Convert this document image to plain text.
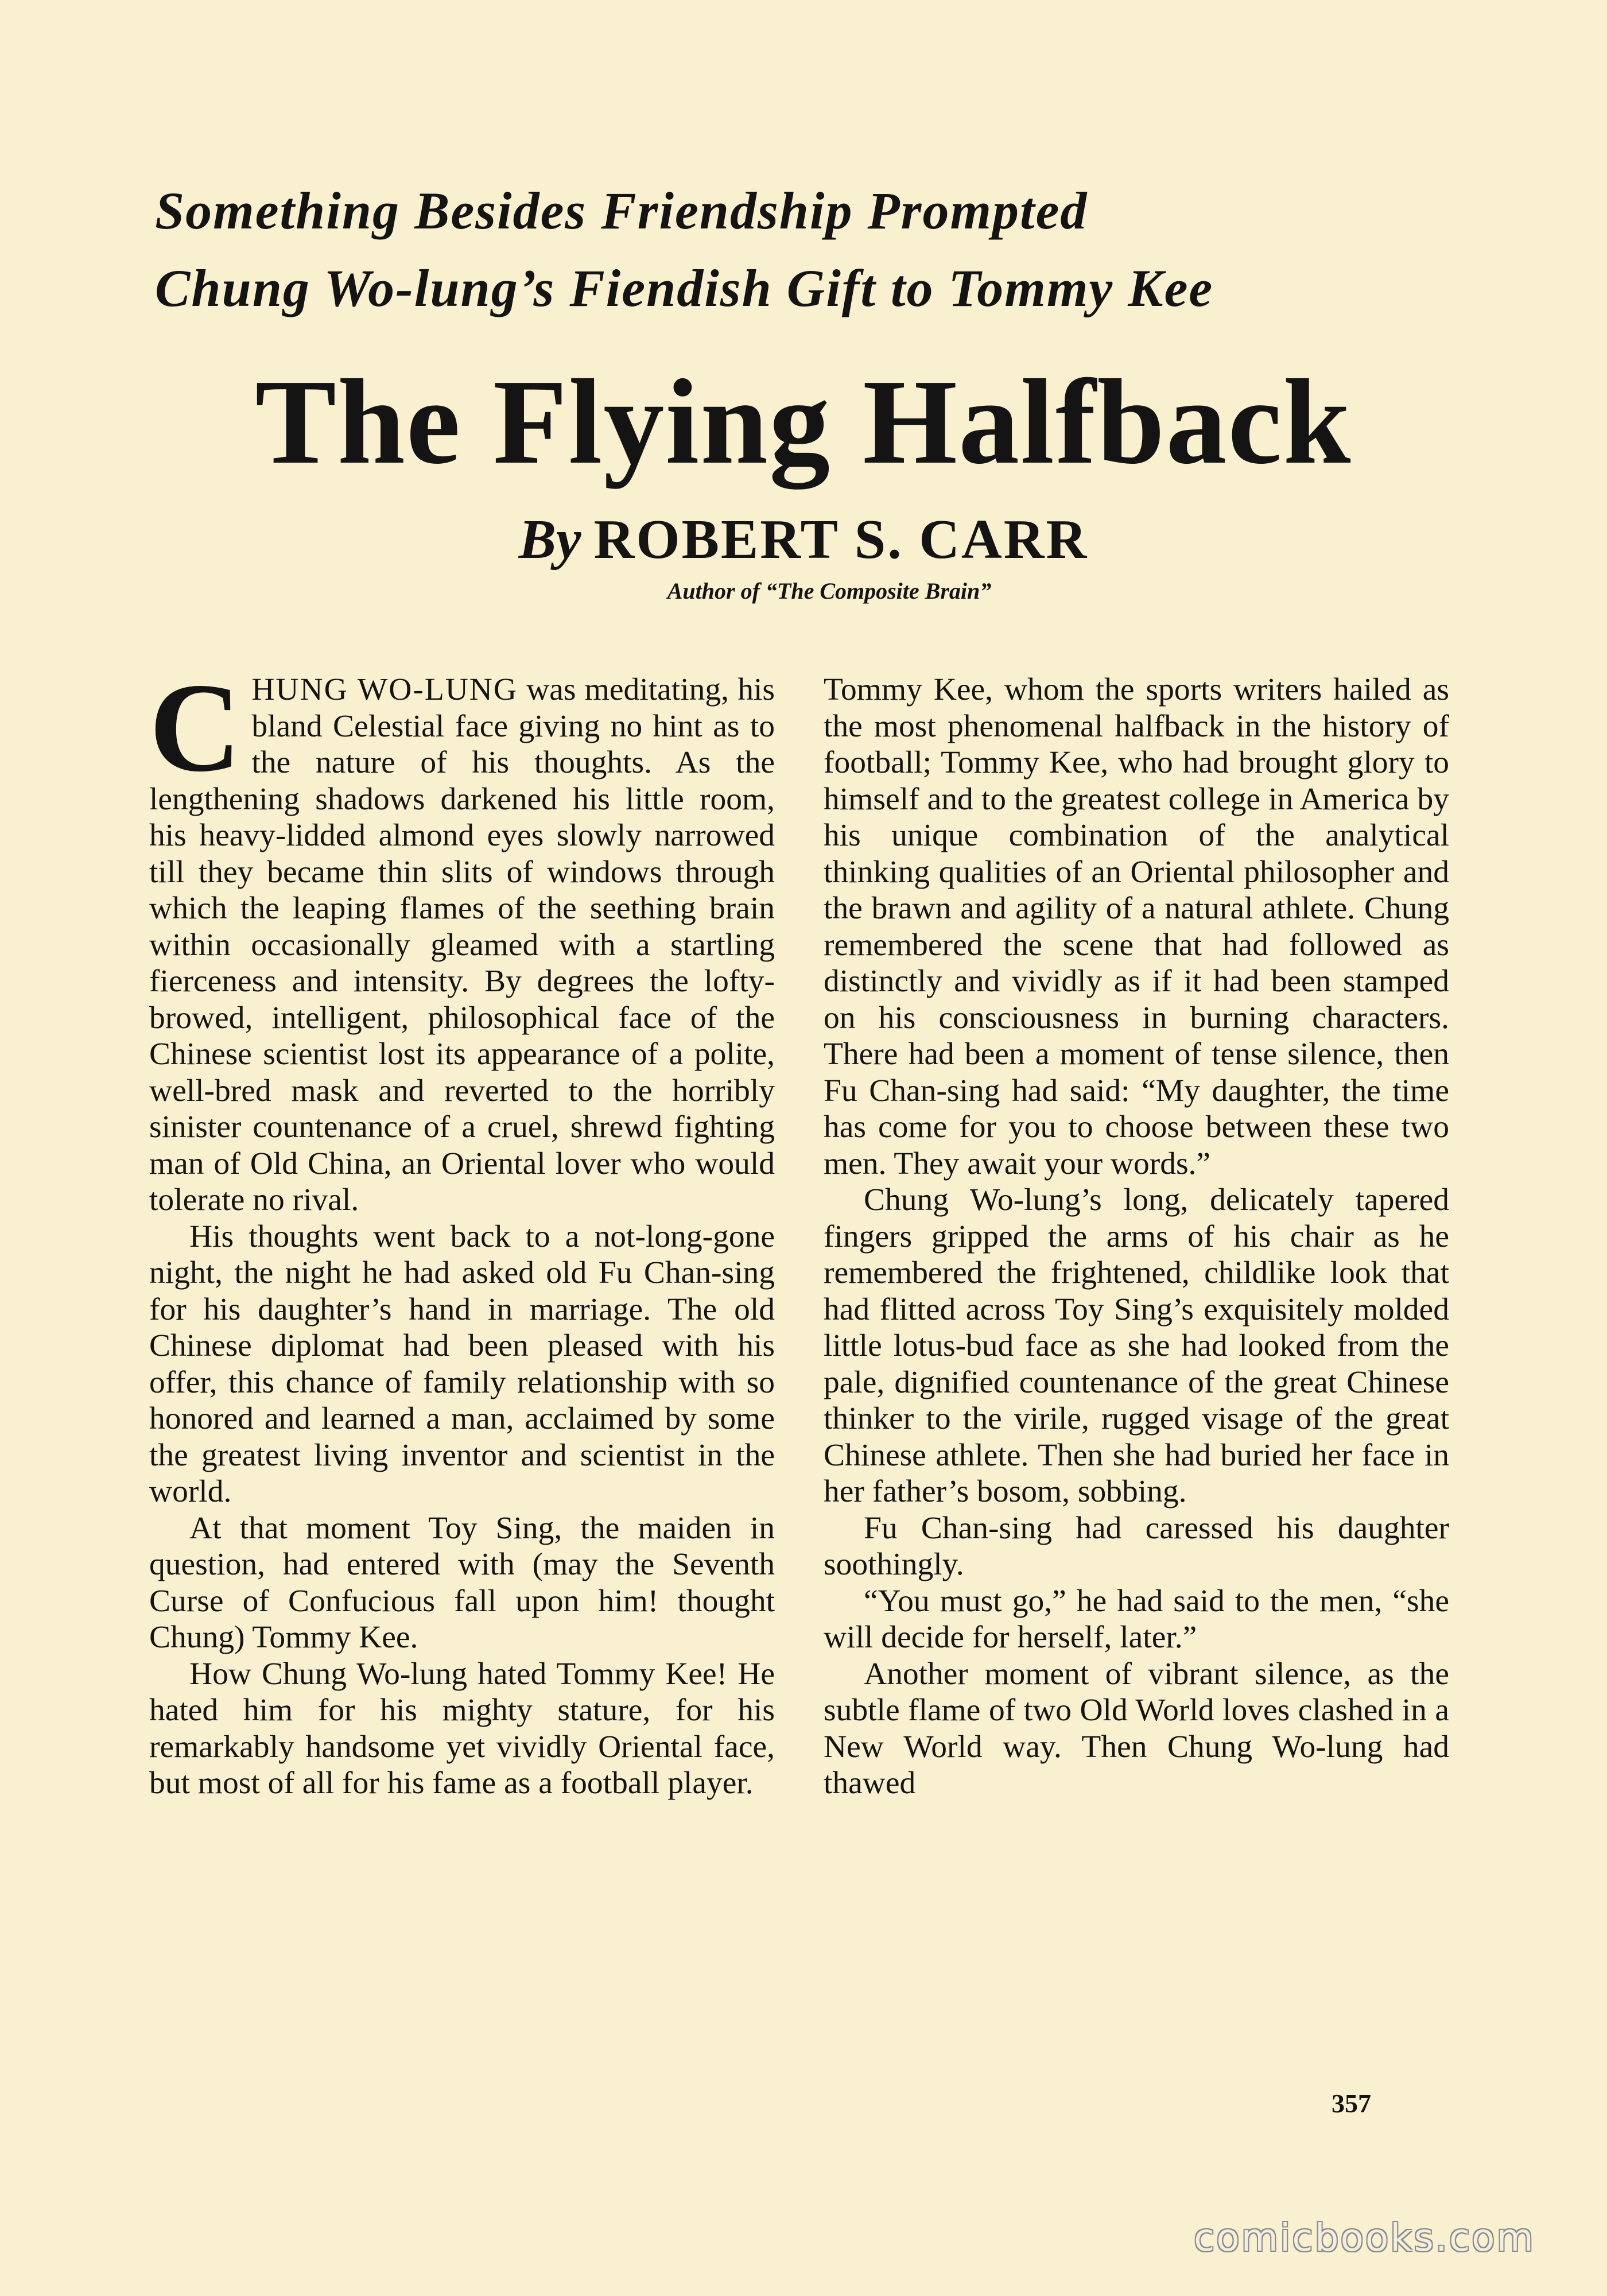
Something Besides Friendship Prompted
Chung Wo-lung’s Fiendish Gift to Tommy Kee
The Flying Halfback
By ROBERT S. CARR
Author of “The Composite Brain”

CHUNG WO-LUNG was meditating, his bland Celestial face giving no hint as to the nature of his thoughts. As the lengthening shadows darkened his little room, his heavy-lidded almond eyes slowly narrowed till they became thin slits of windows through which the leaping flames of the seething brain within occasionally gleamed with a startling fierceness and intensity. By degrees the lofty-browed, intelligent, philosophical face of the Chinese scientist lost its appearance of a polite, well-bred mask and reverted to the horribly sinister countenance of a cruel, shrewd fighting man of Old China, an Oriental lover who would tolerate no rival.

His thoughts went back to a not-long-gone night, the night he had asked old Fu Chan-sing for his daughter’s hand in marriage. The old Chinese diplomat had been pleased with his offer, this chance of family relationship with so honored and learned a man, acclaimed by some the greatest living inventor and scientist in the world.

At that moment Toy Sing, the maiden in question, had entered with (may the Seventh Curse of Confucious fall upon him! thought Chung) Tommy Kee.

How Chung Wo-lung hated Tommy Kee! He hated him for his mighty stature, for his remarkably handsome yet vividly Oriental face, but most of all for his fame as a football player.

Tommy Kee, whom the sports writers hailed as the most phenomenal halfback in the history of football; Tommy Kee, who had brought glory to himself and to the greatest college in America by his unique combination of the analytical thinking qualities of an Oriental philosopher and the brawn and agility of a natural athlete. Chung remembered the scene that had followed as distinctly and vividly as if it had been stamped on his consciousness in burning characters. There had been a moment of tense silence, then Fu Chan-sing had said: “My daughter, the time has come for you to choose between these two men. They await your words.”

Chung Wo-lung’s long, delicately tapered fingers gripped the arms of his chair as he remembered the frightened, childlike look that had flitted across Toy Sing’s exquisitely molded little lotus-bud face as she had looked from the pale, dignified countenance of the great Chinese thinker to the virile, rugged visage of the great Chinese athlete. Then she had buried her face in her father’s bosom, sobbing.

Fu Chan-sing had caressed his daughter soothingly.

“You must go,” he had said to the men, “she will decide for herself, later.”

Another moment of vibrant silence, as the subtle flame of two Old World loves clashed in a New World way. Then Chung Wo-lung had thawed

357
comicbooks.com
